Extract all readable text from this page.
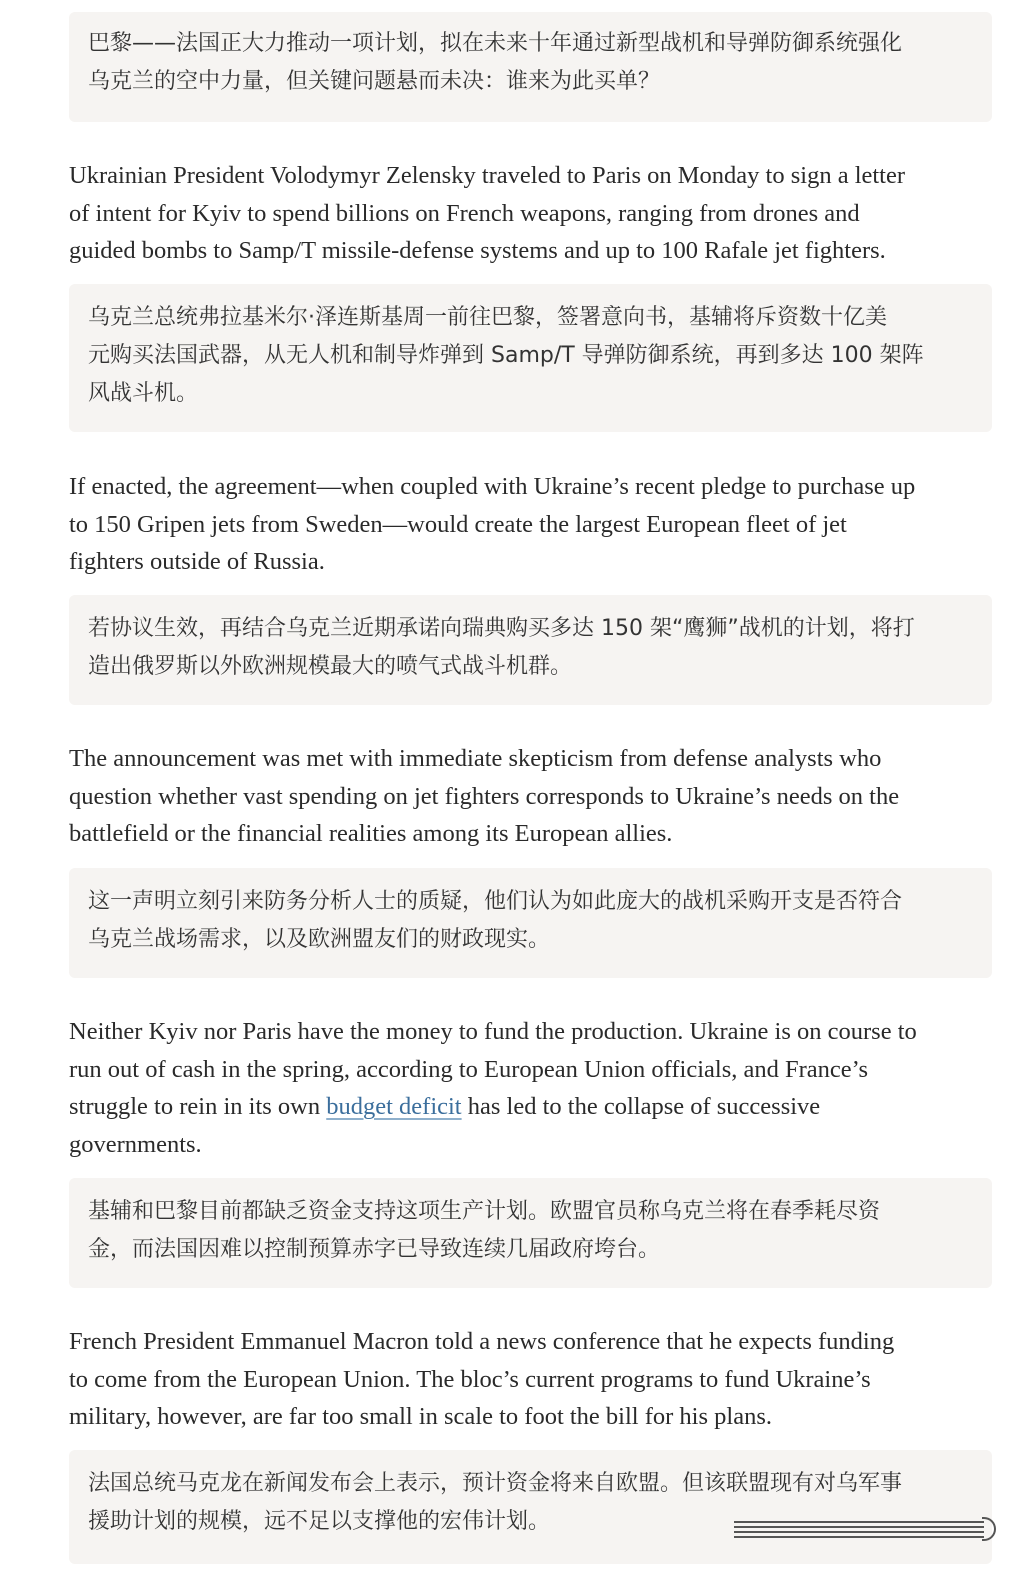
巴黎——法国正大力推动一项计划，拟在未来十年通过新型战机和导弹防御系统强化
乌克兰的空中力量，但关键问题悬而未决：谁来为此买单？
Ukrainian President Volodymyr Zelensky traveled to Paris on Monday to sign a letter
of intent for Kyiv to spend billions on French weapons, ranging from drones and
guided bombs to Samp/T missile-defense systems and up to 100 Rafale jet fighters.
乌克兰总统弗拉基米尔·泽连斯基周一前往巴黎，签署意向书，基辅将斥资数十亿美
元购买法国武器，从无人机和制导炸弹到 Samp/T 导弹防御系统，再到多达 100 架阵
风战斗机。
If enacted, the agreement—when coupled with Ukraine’s recent pledge to purchase up
to 150 Gripen jets from Sweden—would create the largest European fleet of jet
fighters outside of Russia.
若协议生效，再结合乌克兰近期承诺向瑞典购买多达 150 架“鹰狮”战机的计划，将打
造出俄罗斯以外欧洲规模最大的喷气式战斗机群。
The announcement was met with immediate skepticism from defense analysts who
question whether vast spending on jet fighters corresponds to Ukraine’s needs on the
battlefield or the financial realities among its European allies.
这一声明立刻引来防务分析人士的质疑，他们认为如此庞大的战机采购开支是否符合
乌克兰战场需求，以及欧洲盟友们的财政现实。
Neither Kyiv nor Paris have the money to fund the production. Ukraine is on course to
run out of cash in the spring, according to European Union officials, and France’s
struggle to rein in its own budget deficit has led to the collapse of successive
governments.
基辅和巴黎目前都缺乏资金支持这项生产计划。欧盟官员称乌克兰将在春季耗尽资
金，而法国因难以控制预算赤字已导致连续几届政府垮台。
French President Emmanuel Macron told a news conference that he expects funding
to come from the European Union. The bloc’s current programs to fund Ukraine’s
military, however, are far too small in scale to foot the bill for his plans.
法国总统马克龙在新闻发布会上表示，预计资金将来自欧盟。但该联盟现有对乌军事
援助计划的规模，远不足以支撑他的宏伟计划。
